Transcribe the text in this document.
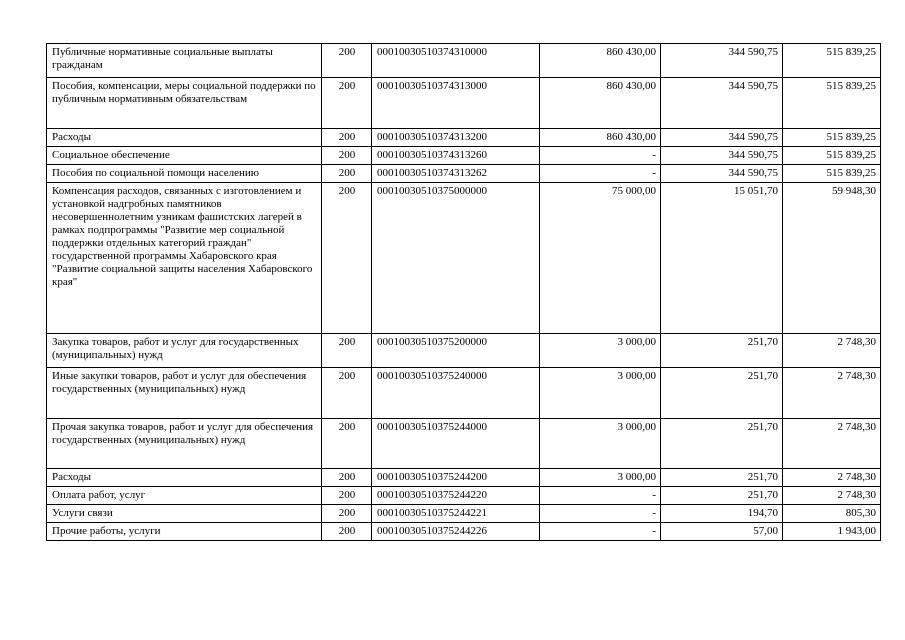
Публичные нормативные социальные выплаты гражданам	200	00010030510374310000	860 430,00	344 590,75	515 839,25
Пособия, компенсации, меры социальной поддержки по публичным нормативным обязательствам	200	00010030510374313000	860 430,00	344 590,75	515 839,25
Расходы	200	00010030510374313200	860 430,00	344 590,75	515 839,25
Социальное обеспечение	200	00010030510374313260	-	344 590,75	515 839,25
Пособия по социальной помощи населению	200	00010030510374313262	-	344 590,75	515 839,25
Компенсация расходов, связанных с изготовлением и установкой надгробных памятников несовершеннолетним узникам фашистских лагерей в рамках подпрограммы "Развитие мер социальной поддержки отдельных категорий граждан" государственной программы Хабаровского края "Развитие социальной защиты населения Хабаровского края"	200	00010030510375000000	75 000,00	15 051,70	59 948,30
Закупка товаров, работ и услуг для государственных (муниципальных) нужд	200	00010030510375200000	3 000,00	251,70	2 748,30
Иные закупки товаров, работ и услуг для обеспечения государственных (муниципальных) нужд	200	00010030510375240000	3 000,00	251,70	2 748,30
Прочая закупка товаров, работ и услуг для обеспечения государственных (муниципальных) нужд	200	00010030510375244000	3 000,00	251,70	2 748,30
Расходы	200	00010030510375244200	3 000,00	251,70	2 748,30
Оплата работ, услуг	200	00010030510375244220	-	251,70	2 748,30
Услуги связи	200	00010030510375244221	-	194,70	805,30
Прочие работы, услуги	200	00010030510375244226	-	57,00	1 943,00
